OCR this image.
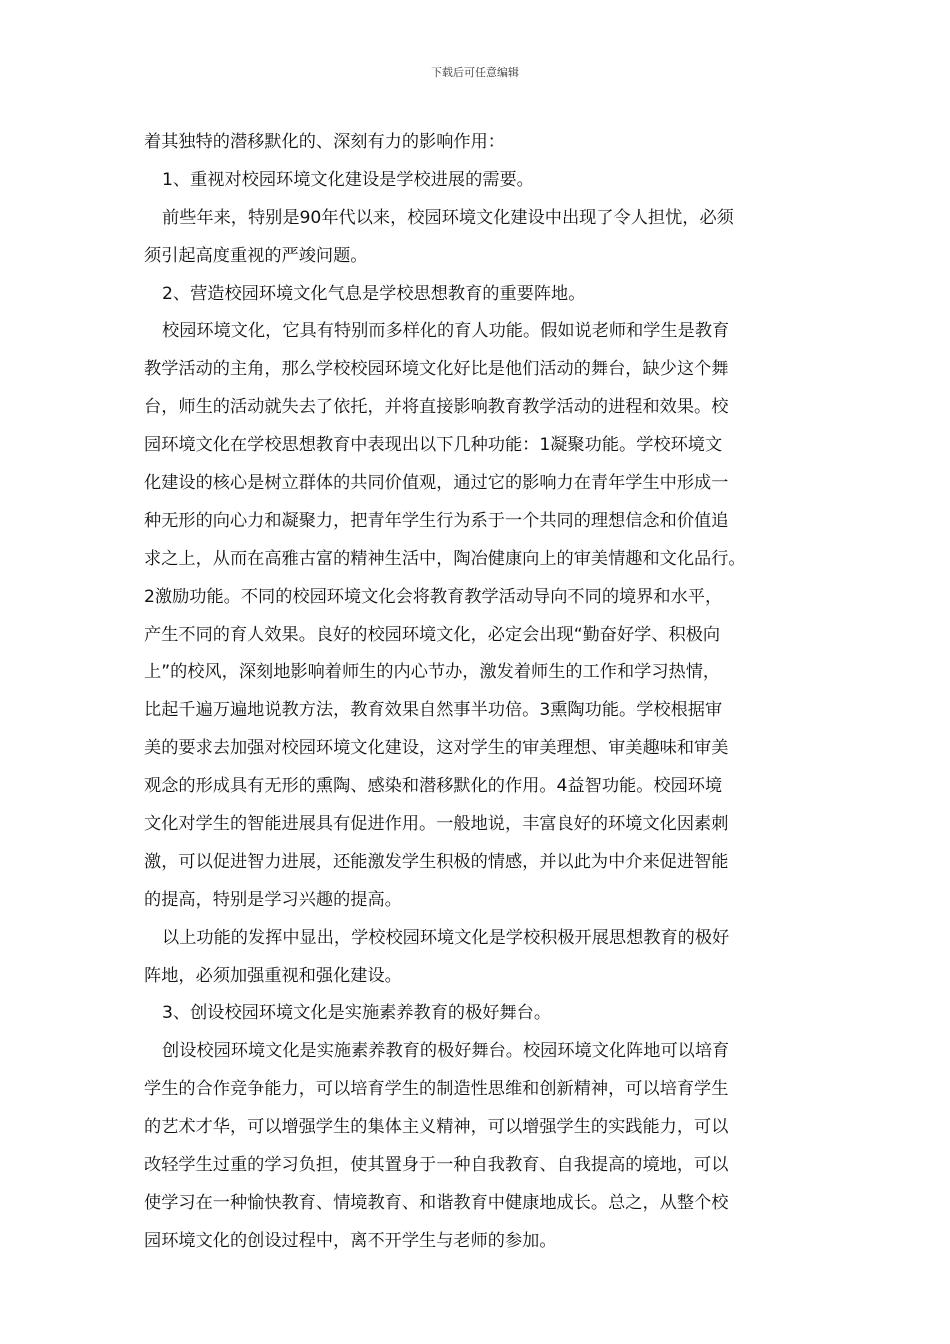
下载后可任意编辑
着其独特的潜移默化的、深刻有力的影响作用：
1、重视对校园环境文化建设是学校进展的需要。
前些年来，特别是90年代以来，校园环境文化建设中出现了令人担忧，必须
须引起高度重视的严竣问题。
2、营造校园环境文化气息是学校思想教育的重要阵地。
校园环境文化，它具有特别而多样化的育人功能。假如说老师和学生是教育
教学活动的主角，那么学校校园环境文化好比是他们活动的舞台，缺少这个舞
台，师生的活动就失去了依托，并将直接影响教育教学活动的进程和效果。校
园环境文化在学校思想教育中表现出以下几种功能：1凝聚功能。学校环境文
化建设的核心是树立群体的共同价值观，通过它的影响力在青年学生中形成一
种无形的向心力和凝聚力，把青年学生行为系于一个共同的理想信念和价值追
求之上，从而在高雅古富的精神生活中，陶冶健康向上的审美情趣和文化品行。
2激励功能。不同的校园环境文化会将教育教学活动导向不同的境界和水平，
产生不同的育人效果。良好的校园环境文化，必定会出现“勤奋好学、积极向
上”的校风，深刻地影响着师生的内心节办，激发着师生的工作和学习热情，
比起千遍万遍地说教方法，教育效果自然事半功倍。3熏陶功能。学校根据审
美的要求去加强对校园环境文化建设，这对学生的审美理想、审美趣味和审美
观念的形成具有无形的熏陶、感染和潜移默化的作用。4益智功能。校园环境
文化对学生的智能进展具有促进作用。一般地说，丰富良好的环境文化因素刺
激，可以促进智力进展，还能激发学生积极的情感，并以此为中介来促进智能
的提高，特别是学习兴趣的提高。
以上功能的发挥中显出，学校校园环境文化是学校积极开展思想教育的极好
阵地，必须加强重视和强化建设。
3、创设校园环境文化是实施素养教育的极好舞台。
创设校园环境文化是实施素养教育的极好舞台。校园环境文化阵地可以培育
学生的合作竞争能力，可以培育学生的制造性思维和创新精神，可以培育学生
的艺术才华，可以增强学生的集体主义精神，可以增强学生的实践能力，可以
改轻学生过重的学习负担，使其置身于一种自我教育、自我提高的境地，可以
使学习在一种愉快教育、情境教育、和谐教育中健康地成长。总之，从整个校
园环境文化的创设过程中，离不开学生与老师的参加。
